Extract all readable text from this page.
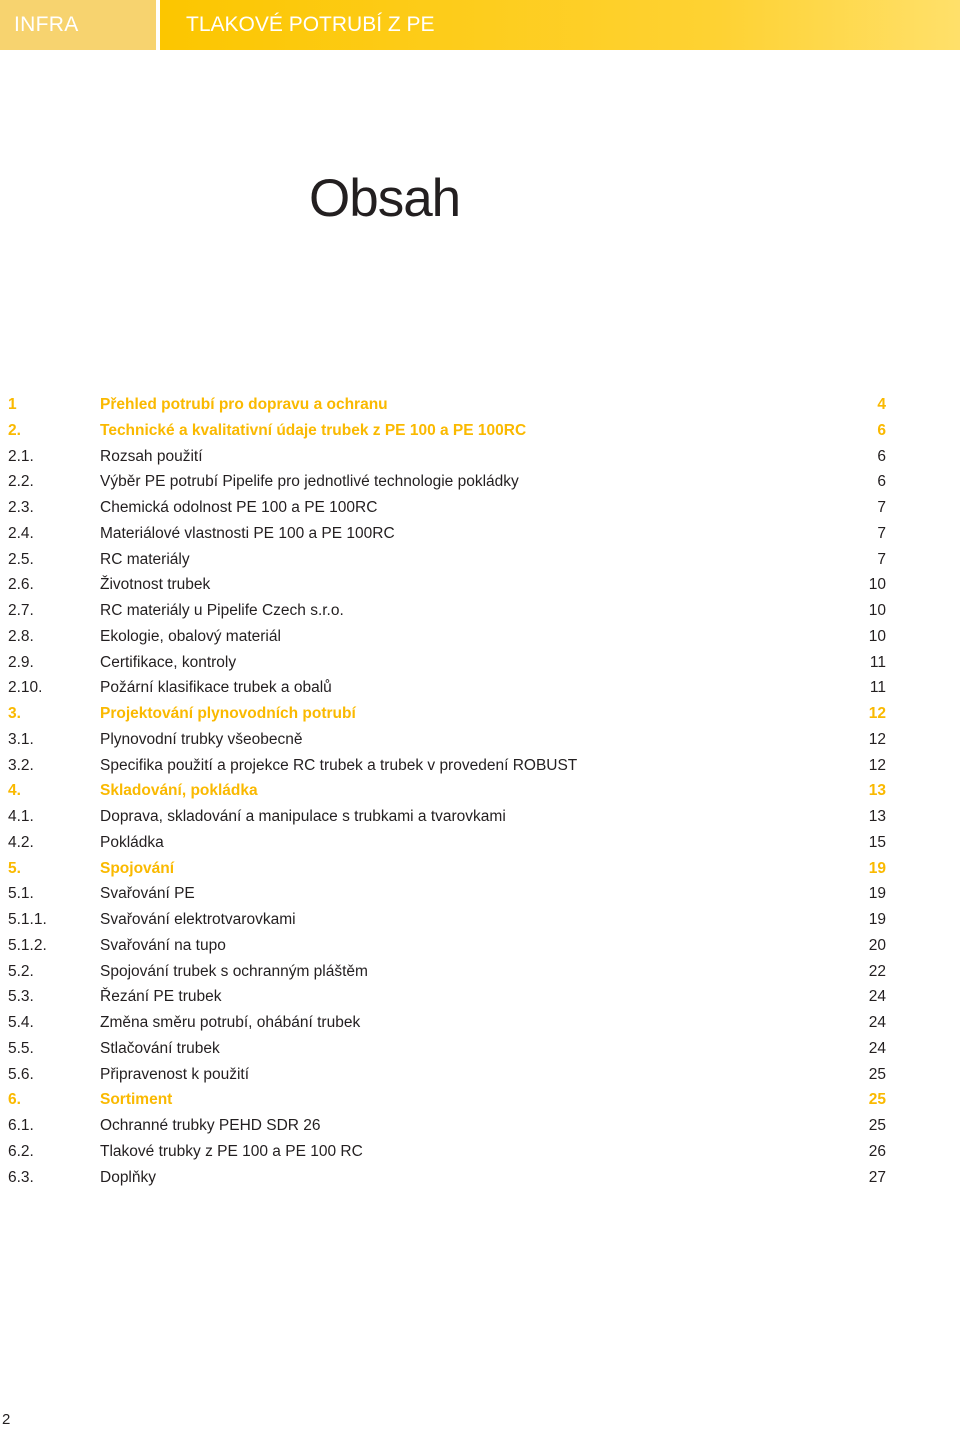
INFRA	TLAKOVÉ POTRUBÍ Z PE
Obsah
1	Přehled potrubí pro dopravu a ochranu	4
2.	Technické a kvalitativní údaje trubek z PE 100 a PE 100RC	6
2.1.	Rozsah použití	6
2.2.	Výběr PE potrubí Pipelife pro jednotlivé technologie pokládky	6
2.3.	Chemická odolnost PE 100 a PE 100RC	7
2.4.	Materiálové vlastnosti PE 100 a PE 100RC	7
2.5.	RC materiály	7
2.6.	Životnost trubek	10
2.7.	RC materiály u Pipelife Czech s.r.o.	10
2.8.	Ekologie, obalový materiál	10
2.9.	Certifikace, kontroly	11
2.10.	Požární klasifikace trubek a obalů	11
3.	Projektování plynovodních potrubí	12
3.1.	Plynovodní trubky všeobecně	12
3.2.	Specifika použití a projekce RC trubek a trubek v provedení ROBUST	12
4.	Skladování, pokládka	13
4.1.	Doprava, skladování a manipulace s trubkami a tvarovkami	13
4.2.	Pokládka	15
5.	Spojování	19
5.1.	Svařování PE	19
5.1.1.	Svařování elektrotvarovkami	19
5.1.2.	Svařování na tupo	20
5.2.	Spojování trubek s ochranným pláštěm	22
5.3.	Řezání PE trubek	24
5.4.	Změna směru potrubí, ohábání trubek	24
5.5.	Stlačování trubek	24
5.6.	Připravenost k použití	25
6.	Sortiment	25
6.1.	Ochranné trubky PEHD SDR 26	25
6.2.	Tlakové trubky z PE 100 a PE 100 RC	26
6.3.	Doplňky	27
2
